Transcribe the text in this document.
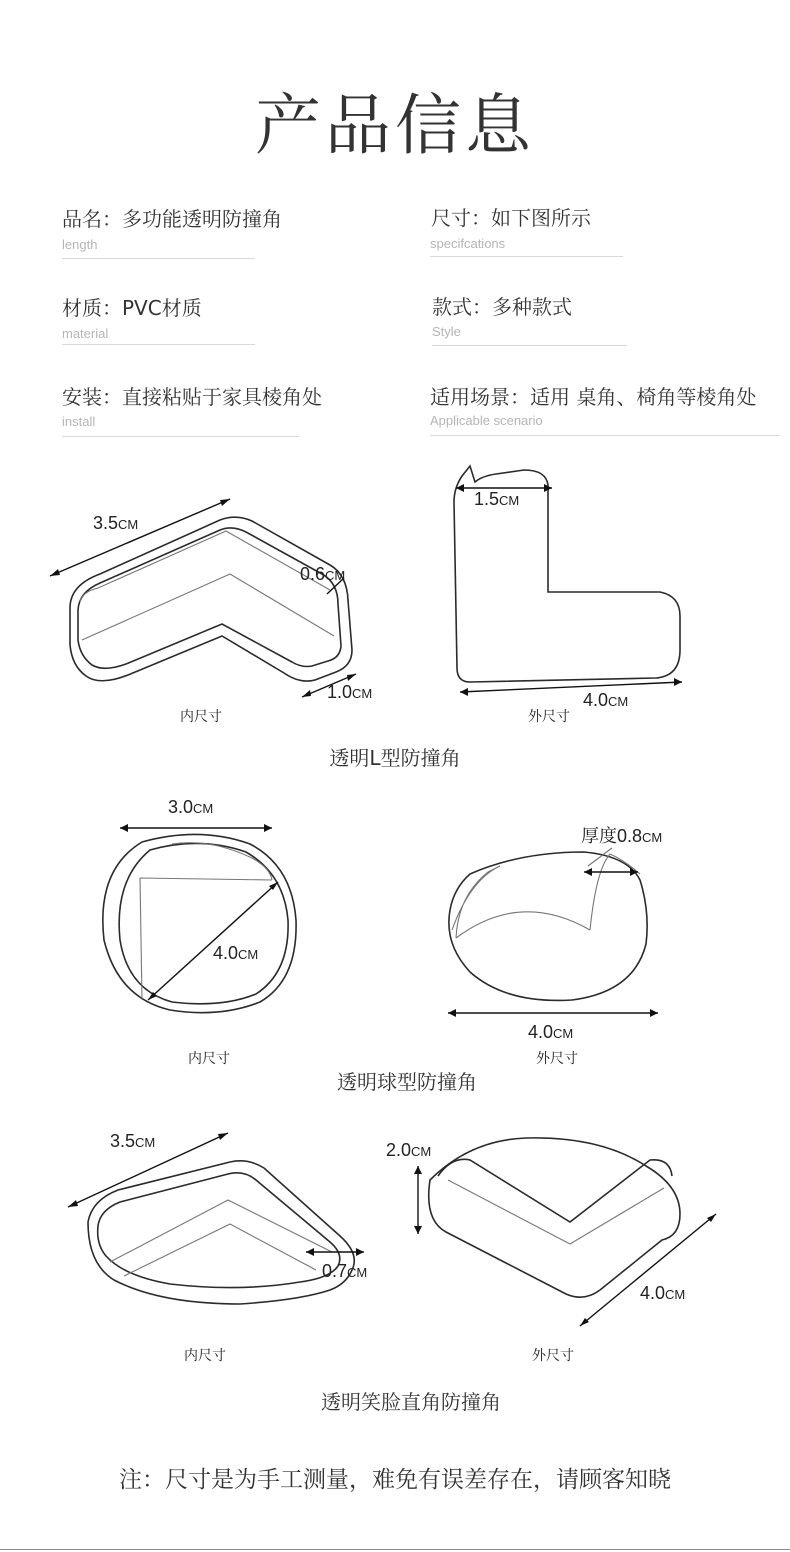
产品信息
品名：多功能透明防撞角
length
尺寸：如下图所示
specifcations
材质：PVC材质
material
款式：多种款式
Style
安装：直接粘贴于家具棱角处
install
适用场景：适用 桌角、椅角等棱角处
Applicable scenario
3.5CM
0.6CM
1.0CM
1.5CM
4.0CM
内尺寸	外尺寸
透明L型防撞角
3.0CM
4.0CM
厚度0.8CM
4.0CM
内尺寸	外尺寸
透明球型防撞角
3.5CM
0.7CM
2.0CM
4.0CM
内尺寸	外尺寸
透明笑脸直角防撞角
注：尺寸是为手工测量，难免有误差存在，请顾客知晓
